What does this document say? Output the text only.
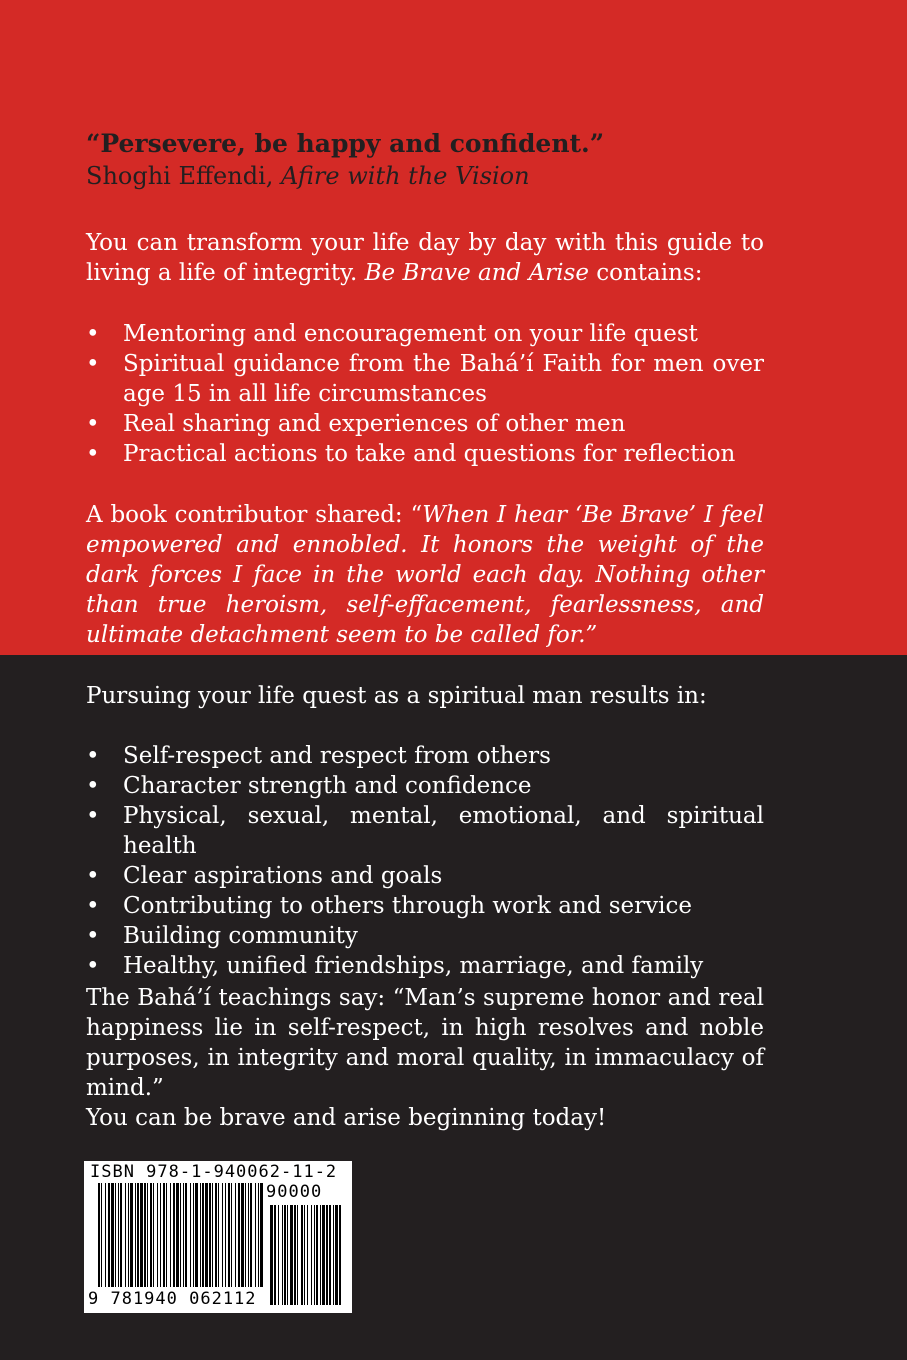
“Persevere, be happy and confident.”

Shoghi Effendi, Afire with the Vision

You can transform your life day by day with this guide to living a life of integrity. Be Brave and Arise contains:

• Mentoring and encouragement on your life quest
• Spiritual guidance from the Bahá’í Faith for men over age 15 in all life circumstances
• Real sharing and experiences of other men
• Practical actions to take and questions for reflection

A book contributor shared: “When I hear ‘Be Brave’ I feel empowered and ennobled. It honors the weight of the dark forces I face in the world each day. Nothing other than true heroism, self-effacement, fearlessness, and ultimate detachment seem to be called for.”

Pursuing your life quest as a spiritual man results in:

• Self-respect and respect from others
• Character strength and confidence
• Physical, sexual, mental, emotional, and spiritual health
• Clear aspirations and goals
• Contributing to others through work and service
• Building community
• Healthy, unified friendships, marriage, and family

The Bahá’í teachings say: “Man’s supreme honor and real happiness lie in self-respect, in high resolves and noble purposes, in integrity and moral quality, in immaculacy of mind.”

You can be brave and arise beginning today!

ISBN 978-1-940062-11-2
90000
9 781940 062112
